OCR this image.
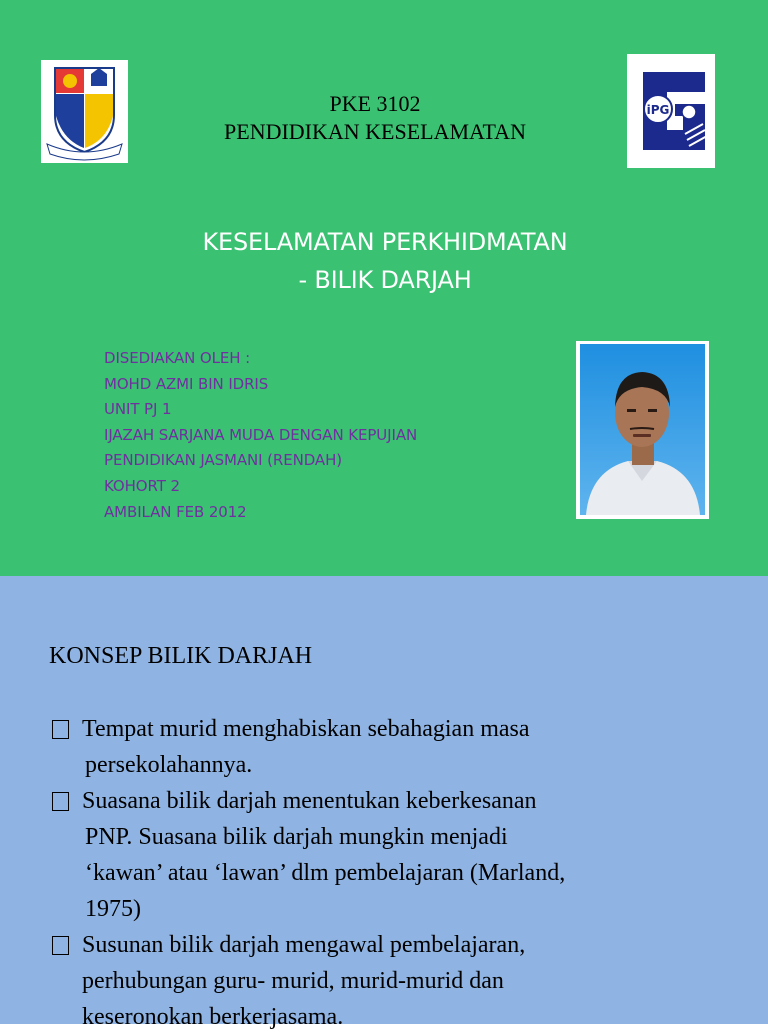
PKE 3102
PENDIDIKAN KESELAMATAN
iPG
KESELAMATAN PERKHIDMATAN
- BILIK DARJAH
DISEDIAKAN OLEH :
MOHD AZMI BIN IDRIS
UNIT PJ 1
IJAZAH SARJANA MUDA DENGAN KEPUJIAN
PENDIDIKAN JASMANI (RENDAH)
KOHORT 2
AMBILAN FEB 2012
KONSEP BILIK DARJAH
Tempat murid menghabiskan sebahagian masa
persekolahannya.
Suasana bilik darjah menentukan keberkesanan
PNP. Suasana bilik darjah mungkin menjadi
‘kawan’ atau ‘lawan’ dlm pembelajaran (Marland,
1975)
Susunan bilik darjah mengawal pembelajaran,
perhubungan guru- murid, murid-murid dan
keseronokan berkerjasama.
